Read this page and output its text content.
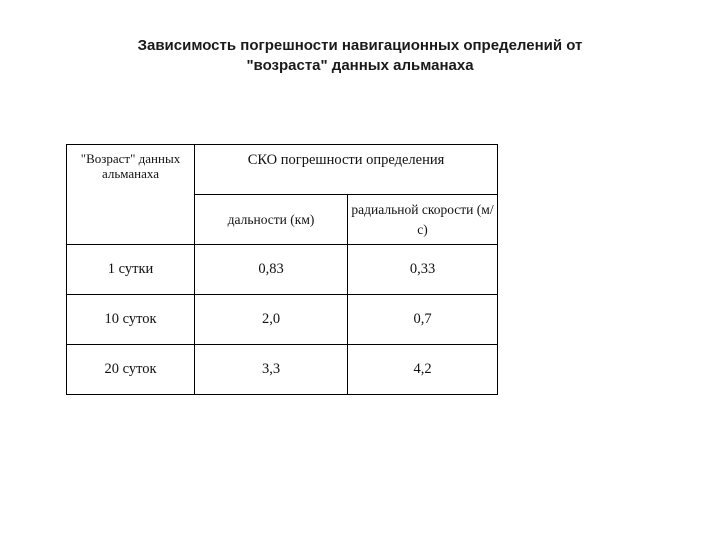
Зависимость погрешности навигационных определений от
"возраста" данных альманаха
"Возраст" данных альманаха	СКО погрешности определения	
	дальности (км)	радиальной скорости (м/с)
1 сутки	0,83	0,33
10 суток	2,0	0,7
20 суток	3,3	4,2
